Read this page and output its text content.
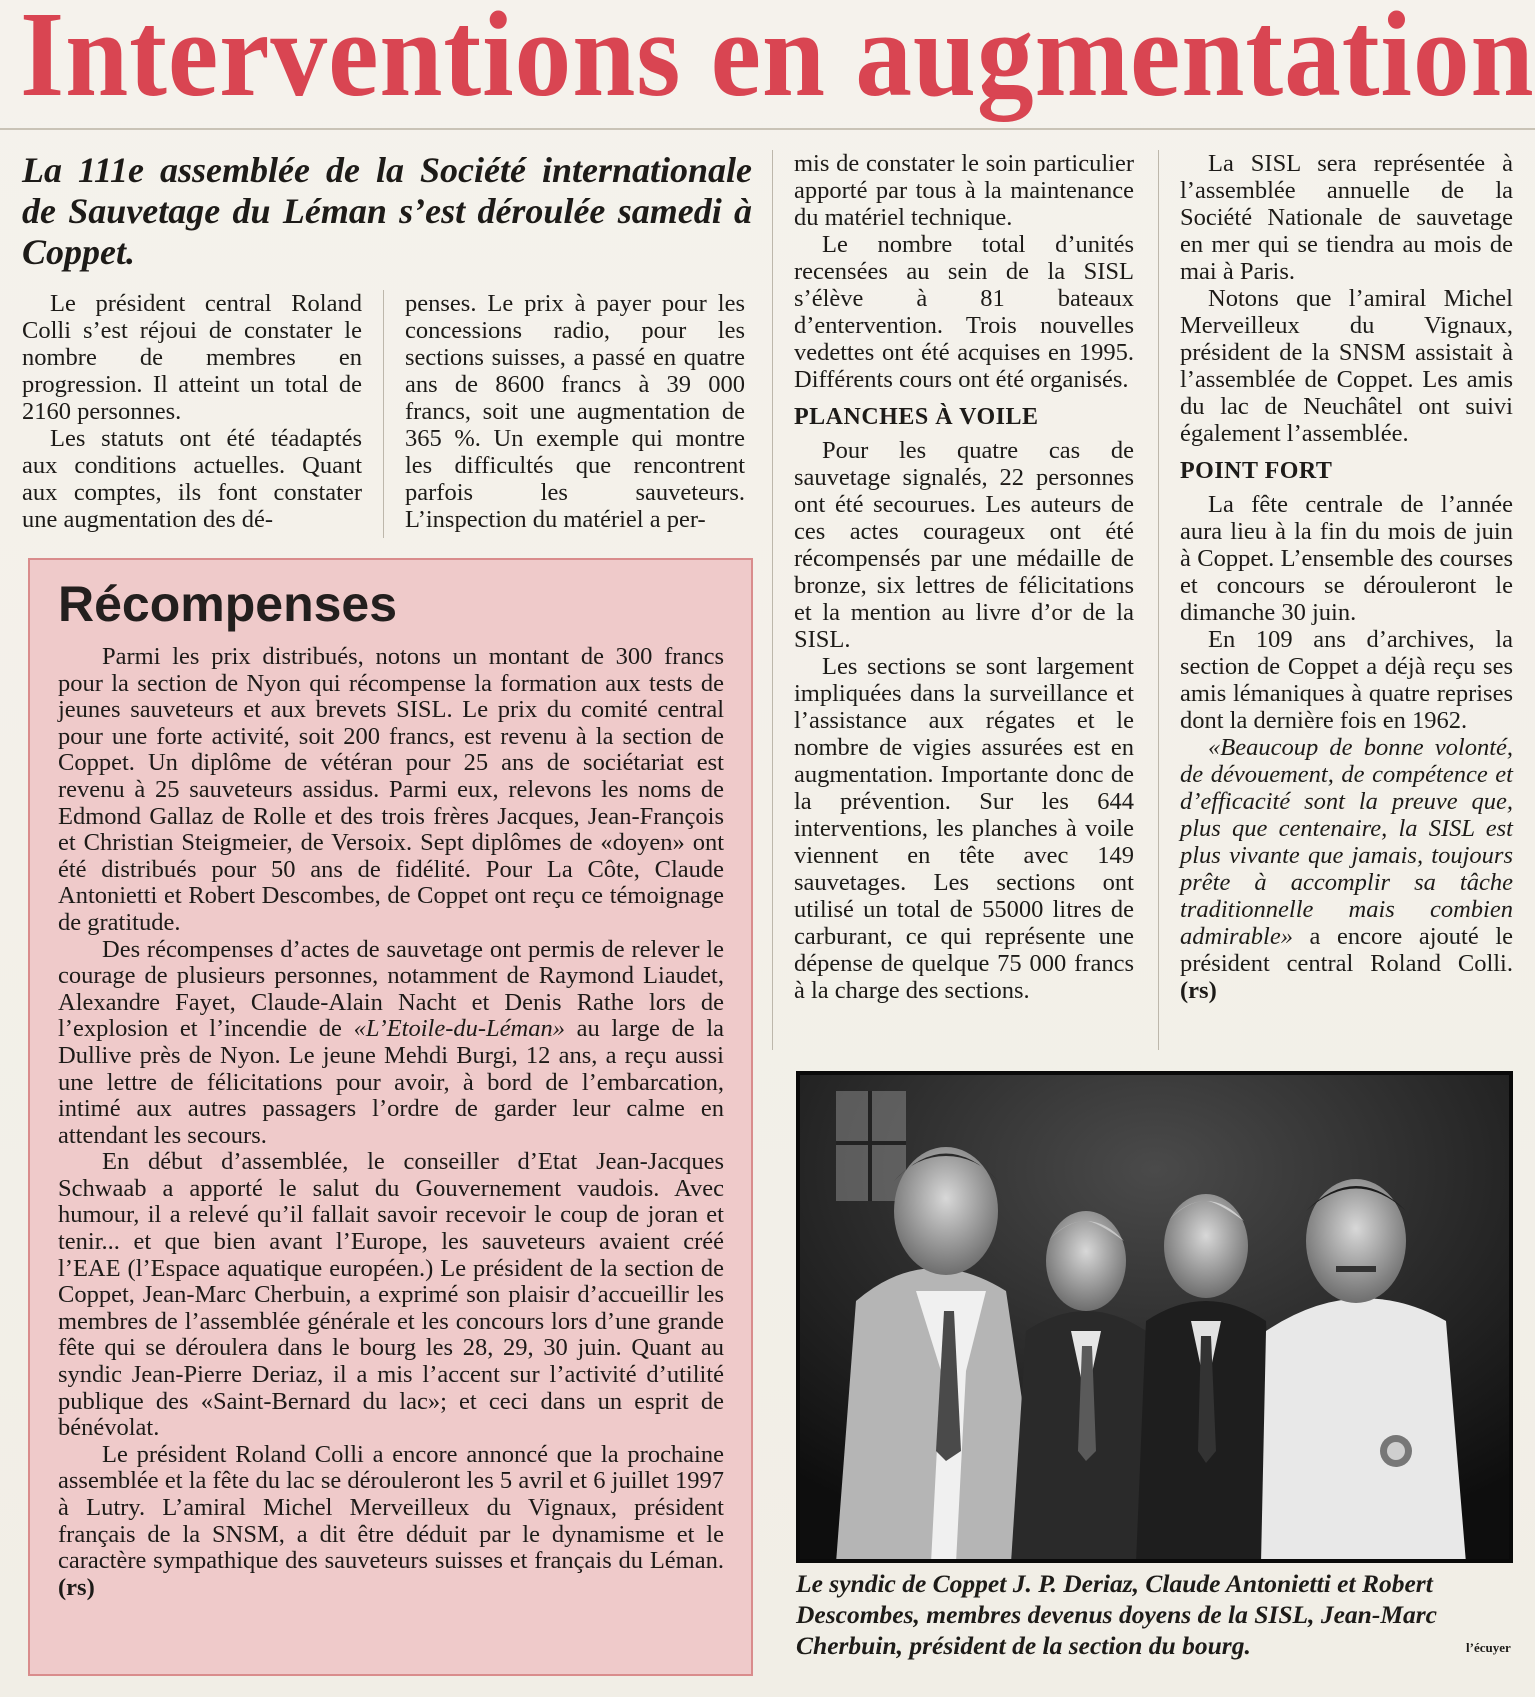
Interventions en augmentation
La 111e assemblée de la Société internationale de Sauvetage du Léman s’est déroulée samedi à Coppet.

Le président central Roland Colli s’est réjoui de constater le nombre de membres en progression. Il atteint un total de 2160 personnes.

Les statuts ont été téadaptés aux conditions actuelles. Quant aux comptes, ils font constater une augmentation des dé-

penses. Le prix à payer pour les concessions radio, pour les sections suisses, a passé en quatre ans de 8600 francs à 39 000 francs, soit une augmentation de 365 %. Un exemple qui montre les difficultés que rencontrent parfois les sauveteurs. L’inspection du matériel a per-

mis de constater le soin particulier apporté par tous à la maintenance du matériel technique.

Le nombre total d’unités recensées au sein de la SISL s’élève à 81 bateaux d’entervention. Trois nouvelles vedettes ont été acquises en 1995. Différents cours ont été organisés.

PLANCHES À VOILE

Pour les quatre cas de sauvetage signalés, 22 personnes ont été secourues. Les auteurs de ces actes courageux ont été récompensés par une médaille de bronze, six lettres de félicitations et la mention au livre d’or de la SISL.

Les sections se sont largement impliquées dans la surveillance et l’assistance aux régates et le nombre de vigies assurées est en augmentation. Importante donc de la prévention. Sur les 644 interventions, les planches à voile viennent en tête avec 149 sauvetages. Les sections ont utilisé un total de 55000 litres de carburant, ce qui représente une dépense de quelque 75 000 francs à la charge des sections.

La SISL sera représentée à l’assemblée annuelle de la Société Nationale de sauvetage en mer qui se tiendra au mois de mai à Paris.

Notons que l’amiral Michel Merveilleux du Vignaux, président de la SNSM assistait à l’assemblée de Coppet. Les amis du lac de Neuchâtel ont suivi également l’assemblée.

POINT FORT

La fête centrale de l’année aura lieu à la fin du mois de juin à Coppet. L’ensemble des courses et concours se dérouleront le dimanche 30 juin.

En 109 ans d’archives, la section de Coppet a déjà reçu ses amis lémaniques à quatre reprises dont la dernière fois en 1962.

«Beaucoup de bonne volonté, de dévouement, de compétence et d’efficacité sont la preuve que, plus que centenaire, la SISL est plus vivante que jamais, toujours prête à accomplir sa tâche traditionnelle mais combien admirable» a encore ajouté le président central Roland Colli. (rs)

Récompenses

Parmi les prix distribués, notons un montant de 300 francs pour la section de Nyon qui récompense la formation aux tests de jeunes sauveteurs et aux brevets SISL. Le prix du comité central pour une forte activité, soit 200 francs, est revenu à la section de Coppet. Un diplôme de vétéran pour 25 ans de sociétariat est revenu à 25 sauveteurs assidus. Parmi eux, relevons les noms de Edmond Gallaz de Rolle et des trois frères Jacques, Jean-François et Christian Steigmeier, de Versoix. Sept diplômes de «doyen» ont été distribués pour 50 ans de fidélité. Pour La Côte, Claude Antonietti et Robert Descombes, de Coppet ont reçu ce témoignage de gratitude.

Des récompenses d’actes de sauvetage ont permis de relever le courage de plusieurs personnes, notamment de Raymond Liaudet, Alexandre Fayet, Claude-Alain Nacht et Denis Rathe lors de l’explosion et l’incendie de «L’Etoile-du-Léman» au large de la Dullive près de Nyon. Le jeune Mehdi Burgi, 12 ans, a reçu aussi une lettre de félicitations pour avoir, à bord de l’embarcation, intimé aux autres passagers l’ordre de garder leur calme en attendant les secours.

En début d’assemblée, le conseiller d’Etat Jean-Jacques Schwaab a apporté le salut du Gouvernement vaudois. Avec humour, il a relevé qu’il fallait savoir recevoir le coup de joran et tenir... et que bien avant l’Europe, les sauveteurs avaient créé l’EAE (l’Espace aquatique européen.) Le président de la section de Coppet, Jean-Marc Cherbuin, a exprimé son plaisir d’accueillir les membres de l’assemblée générale et les concours lors d’une grande fête qui se déroulera dans le bourg les 28, 29, 30 juin. Quant au syndic Jean-Pierre Deriaz, il a mis l’accent sur l’activité d’utilité publique des «Saint-Bernard du lac»; et ceci dans un esprit de bénévolat.

Le président Roland Colli a encore annoncé que la prochaine assemblée et la fête du lac se dérouleront les 5 avril et 6 juillet 1997 à Lutry. L’amiral Michel Merveilleux du Vignaux, président français de la SNSM, a dit être déduit par le dynamisme et le caractère sympathique des sauveteurs suisses et français du Léman. (rs)	Le syndic de Coppet J. P. Deriaz, Claude Antonietti et Robert Descombes, membres devenus doyens de la SISL, Jean-Marc Cherbuin, président de la section du bourg.	l’écuyer
